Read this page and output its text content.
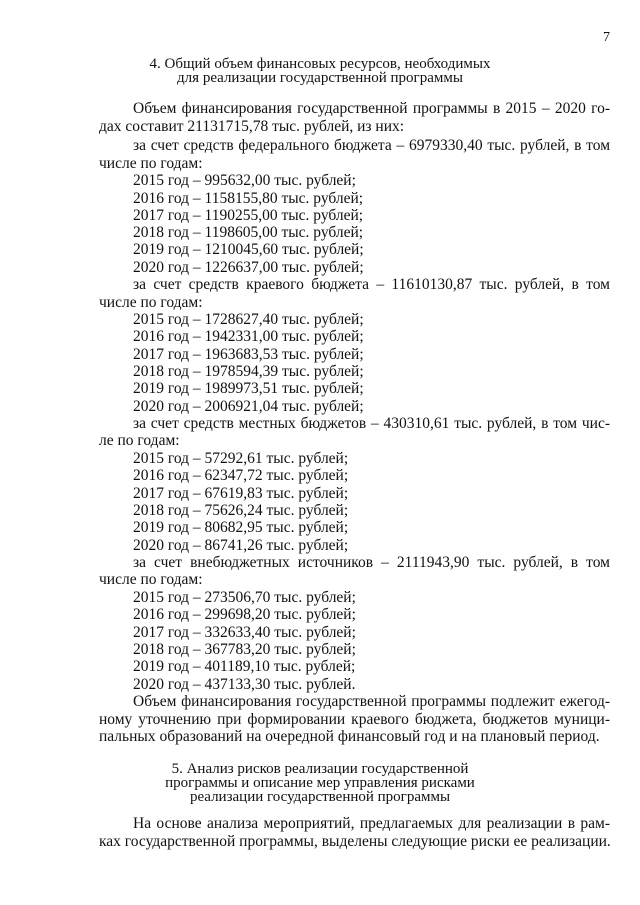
7
4. Общий объем финансовых ресурсов, необходимых
для реализации государственной программы
Объем финансирования государственной программы в 2015 – 2020 го-
дах составит 21131715,78 тыс. рублей, из них:
за счет средств федерального бюджета – 6979330,40 тыс. рублей, в том
числе по годам:
2015 год – 995632,00 тыс. рублей;
2016 год – 1158155,80 тыс. рублей;
2017 год – 1190255,00 тыс. рублей;
2018 год – 1198605,00 тыс. рублей;
2019 год – 1210045,60 тыс. рублей;
2020 год – 1226637,00 тыс. рублей;
за счет средств краевого бюджета – 11610130,87 тыс. рублей, в том
числе по годам:
2015 год – 1728627,40 тыс. рублей;
2016 год – 1942331,00 тыс. рублей;
2017 год – 1963683,53 тыс. рублей;
2018 год – 1978594,39 тыс. рублей;
2019 год – 1989973,51 тыс. рублей;
2020 год – 2006921,04 тыс. рублей;
за счет средств местных бюджетов – 430310,61 тыс. рублей, в том чис-
ле по годам:
2015 год – 57292,61 тыс. рублей;
2016 год – 62347,72 тыс. рублей;
2017 год – 67619,83 тыс. рублей;
2018 год – 75626,24 тыс. рублей;
2019 год – 80682,95 тыс. рублей;
2020 год – 86741,26 тыс. рублей;
за счет внебюджетных источников – 2111943,90 тыс. рублей, в том
числе по годам:
2015 год – 273506,70 тыс. рублей;
2016 год – 299698,20 тыс. рублей;
2017 год – 332633,40 тыс. рублей;
2018 год – 367783,20 тыс. рублей;
2019 год – 401189,10 тыс. рублей;
2020 год – 437133,30 тыс. рублей.
Объем финансирования государственной программы подлежит ежегод-
ному уточнению при формировании краевого бюджета, бюджетов муници-
пальных образований на очередной финансовый год и на плановый период.
5. Анализ рисков реализации государственной
программы и описание мер управления рисками
реализации государственной программы
На основе анализа мероприятий, предлагаемых для реализации в рам-
ках государственной программы, выделены следующие риски ее реализации.
